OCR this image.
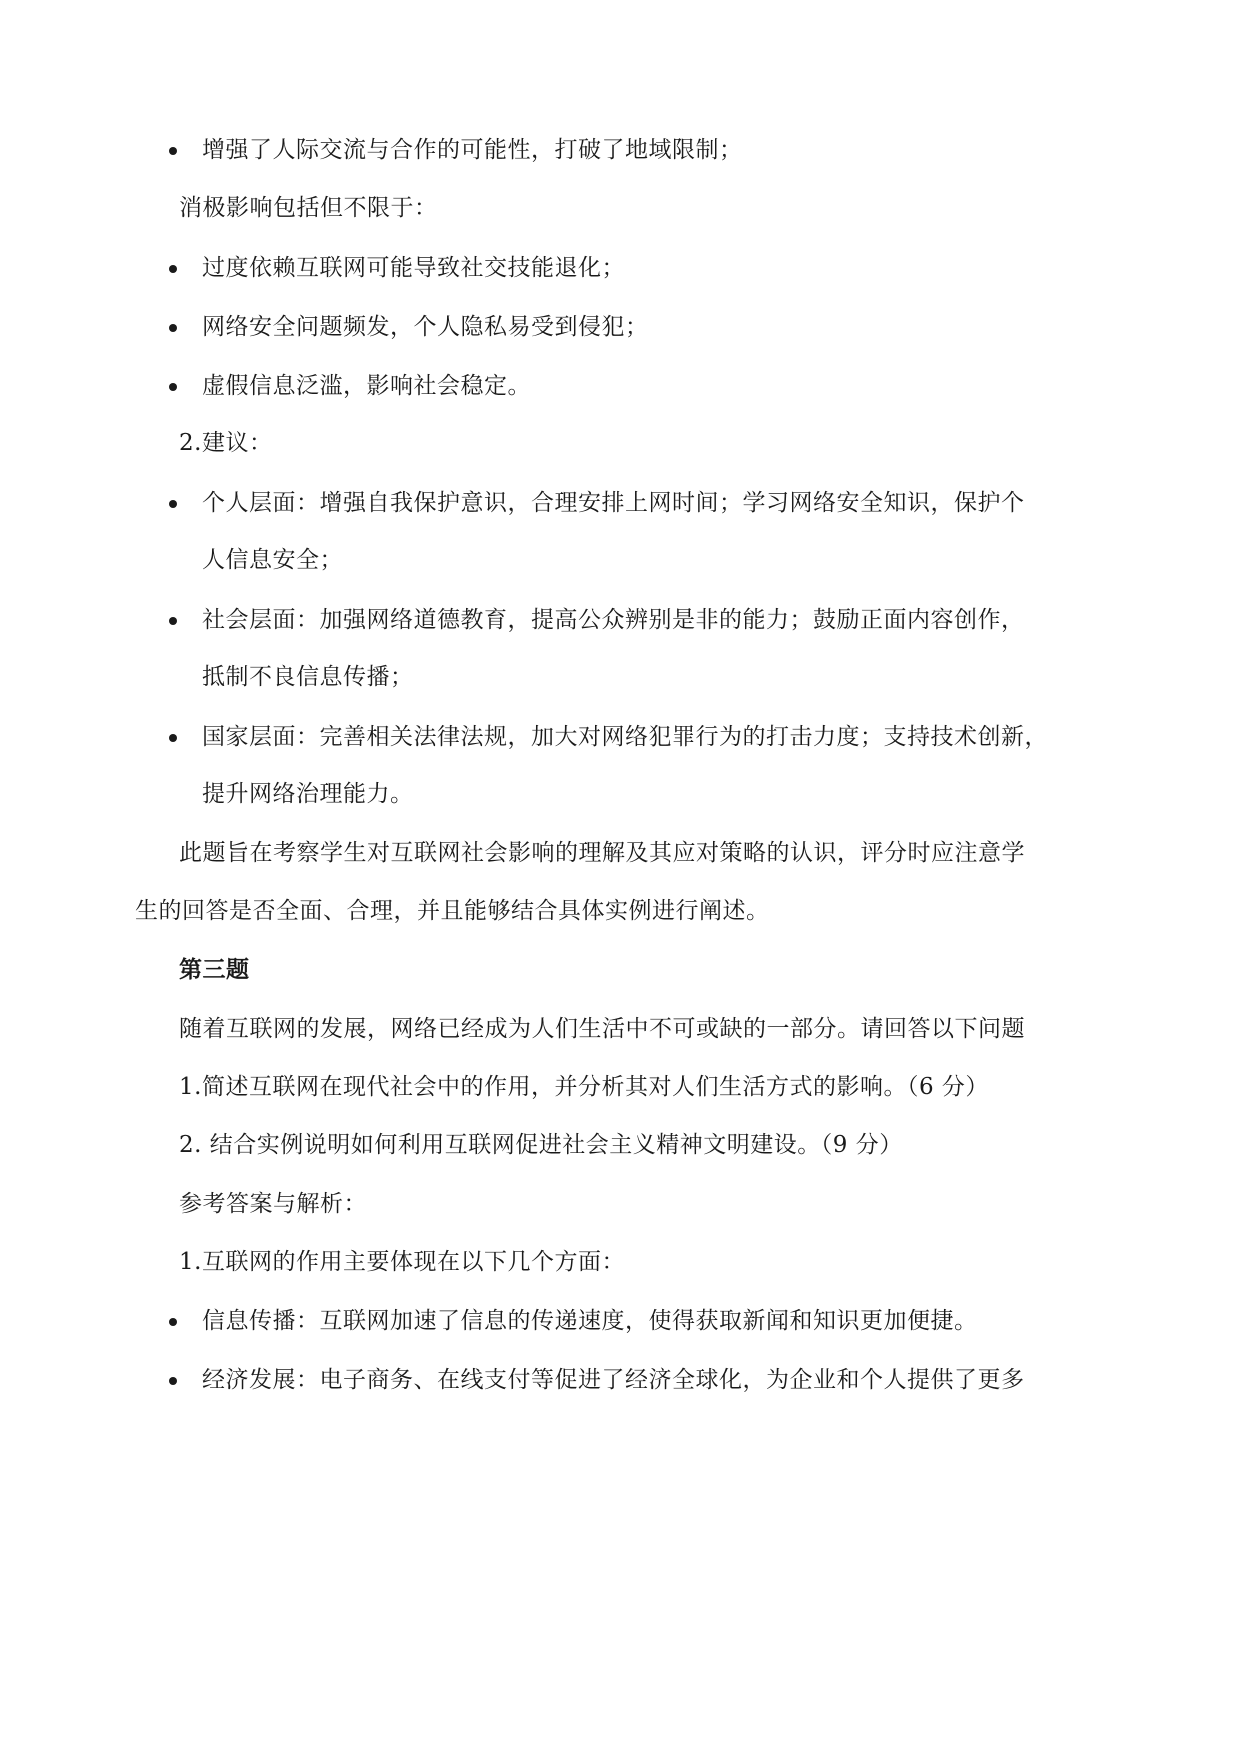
增强了人际交流与合作的可能性，打破了地域限制；
消极影响包括但不限于：
过度依赖互联网可能导致社交技能退化；
网络安全问题频发，个人隐私易受到侵犯；
虚假信息泛滥，影响社会稳定。
2.建议：
个人层面：增强自我保护意识，合理安排上网时间；学习网络安全知识，保护个
人信息安全；
社会层面：加强网络道德教育，提高公众辨别是非的能力；鼓励正面内容创作，
抵制不良信息传播；
国家层面：完善相关法律法规，加大对网络犯罪行为的打击力度；支持技术创新，
提升网络治理能力。
此题旨在考察学生对互联网社会影响的理解及其应对策略的认识，评分时应注意学
生的回答是否全面、合理，并且能够结合具体实例进行阐述。
第三题
随着互联网的发展，网络已经成为人们生活中不可或缺的一部分。请回答以下问题
1.简述互联网在现代社会中的作用，并分析其对人们生活方式的影响。（6 分）
2. 结合实例说明如何利用互联网促进社会主义精神文明建设。（9 分）
参考答案与解析：
1.互联网的作用主要体现在以下几个方面：
信息传播：互联网加速了信息的传递速度，使得获取新闻和知识更加便捷。
经济发展：电子商务、在线支付等促进了经济全球化，为企业和个人提供了更多
